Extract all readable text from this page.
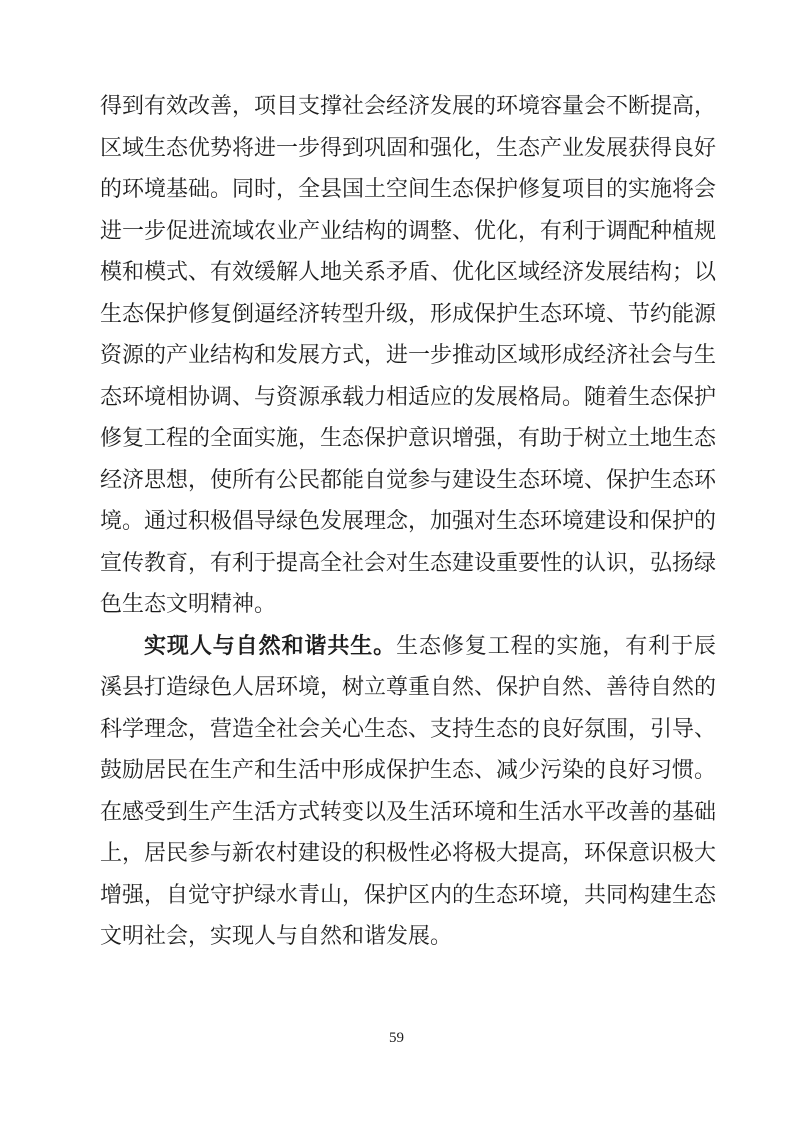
得到有效改善，项目支撑社会经济发展的环境容量会不断提高，区域生态优势将进一步得到巩固和强化，生态产业发展获得良好的环境基础。同时，全县国土空间生态保护修复项目的实施将会进一步促进流域农业产业结构的调整、优化，有利于调配种植规模和模式、有效缓解人地关系矛盾、优化区域经济发展结构；以生态保护修复倒逼经济转型升级，形成保护生态环境、节约能源资源的产业结构和发展方式，进一步推动区域形成经济社会与生态环境相协调、与资源承载力相适应的发展格局。随着生态保护修复工程的全面实施，生态保护意识增强，有助于树立土地生态经济思想，使所有公民都能自觉参与建设生态环境、保护生态环境。通过积极倡导绿色发展理念，加强对生态环境建设和保护的宣传教育，有利于提高全社会对生态建设重要性的认识，弘扬绿色生态文明精神。

实现人与自然和谐共生。生态修复工程的实施，有利于辰溪县打造绿色人居环境，树立尊重自然、保护自然、善待自然的科学理念，营造全社会关心生态、支持生态的良好氛围，引导、鼓励居民在生产和生活中形成保护生态、减少污染的良好习惯。在感受到生产生活方式转变以及生活环境和生活水平改善的基础上，居民参与新农村建设的积极性必将极大提高，环保意识极大增强，自觉守护绿水青山，保护区内的生态环境，共同构建生态文明社会，实现人与自然和谐发展。

59
